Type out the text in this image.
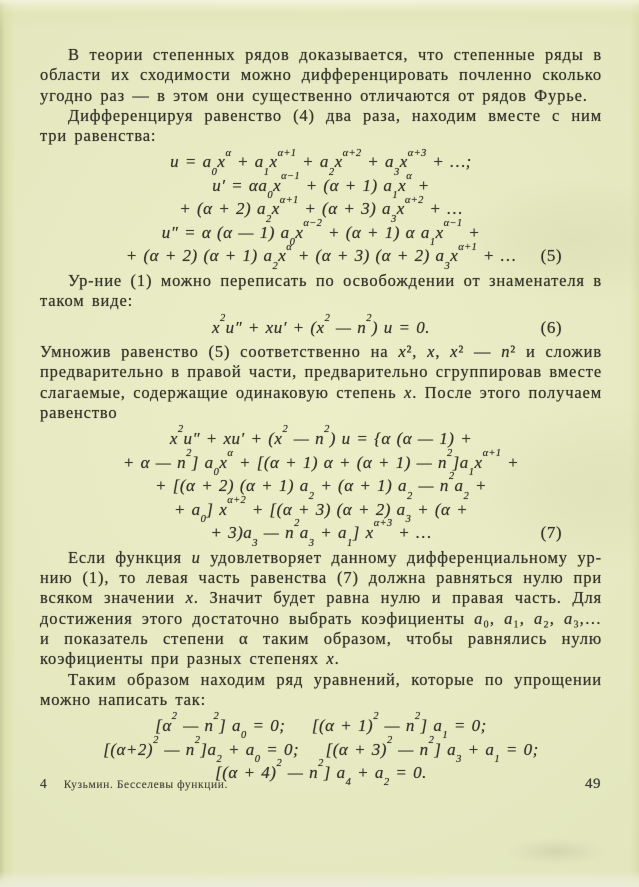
В теории степенных рядов доказывается, что степенные ряды в области их сходимости можно дифференцировать почленно сколько угодно раз — в этом они существенно отличаются от рядов Фурье.

Дифференцируя равенство (4) два раза, находим вместе с ним три равенства:

$u = a_0x^\alpha + a_1x^{\alpha+1} + a_2x^{\alpha+2} + a_3x^{\alpha+3}$ + …;
$u' = \alpha a_0x^{\alpha-1} + (\alpha + 1) a_1x^\alpha$ +
+ (α + 2) $a_2x^{\alpha+1} + (\alpha + 3) a_3x^{\alpha+2}$ + …
u″ = α (α — 1) $a_0x^{\alpha-2} + (\alpha + 1)$ α $a_1x^{\alpha-1}$ +
+ (α + 2) (α + 1) $a_2x^\alpha + (\alpha + 3) (\alpha + 2) a_3x^{\alpha+1}$ + … (5)

Ур-ние (1) можно переписать по освобождении от знаменателя в таком виде:

$x^2u'' + xu' + (x^2$ — $n^2$) u = 0.	(6)

Умножив равенство (5) соответственно на x², x, x² — n² и сложив предварительно в правой части, предварительно сгруппировав вместе слагаемые, содержащие одинаковую степень x. После этого получаем равенство

$x^2u'' + xu' + (x^2$ — $n^2$) u = {α (α — 1) +
+ α — $n^2$] $a_0x^\alpha + [(\alpha + 1) \alpha + (\alpha + 1)$ — $n^2]a_1x^{\alpha+1}$ +
+ [(α + 2) (α + 1) $a_2 + (\alpha + 1)$ $a_2$ — $n^2a_2$ +
+ $a_0$] $x^{\alpha+2} + [(\alpha + 3) (\alpha + 2) a_3 + (\alpha$ +
+ $3)a_3$ — $n^2a_3 + a_1$] $x^{\alpha+3}$ + …	(7)

Если функция u удовлетворяет данному дифференциальному ур-нию (1), то левая часть равенства (7) должна равняться нулю при всяком значении x. Значит будет равна нулю и правая часть. Для достижения этого достаточно выбрать коэфициенты a₀, a₁, a₂, a₃,… и показатель степени α таким образом, чтобы равнялись нулю коэфициенты при разных степенях x.

Таким образом находим ряд уравнений, которые по упрощении можно написать так:

[$\alpha^2$ — $n^2$] $a_0 = 0$;  [$(\alpha + 1)^2$ — $n^2$] $a_1 = 0$;
[$(\alpha+2)^2$ — $n^2]a_2 + a_0 = 0$;  [$(\alpha + 3)^2$ — $n^2$] $a_3 + a_1 = 0$;
[$(\alpha + 4)^2$ — $n^2$] $a_4 + a_2 = 0$.
4 Кузьмин. Бесселевы функции.	49
